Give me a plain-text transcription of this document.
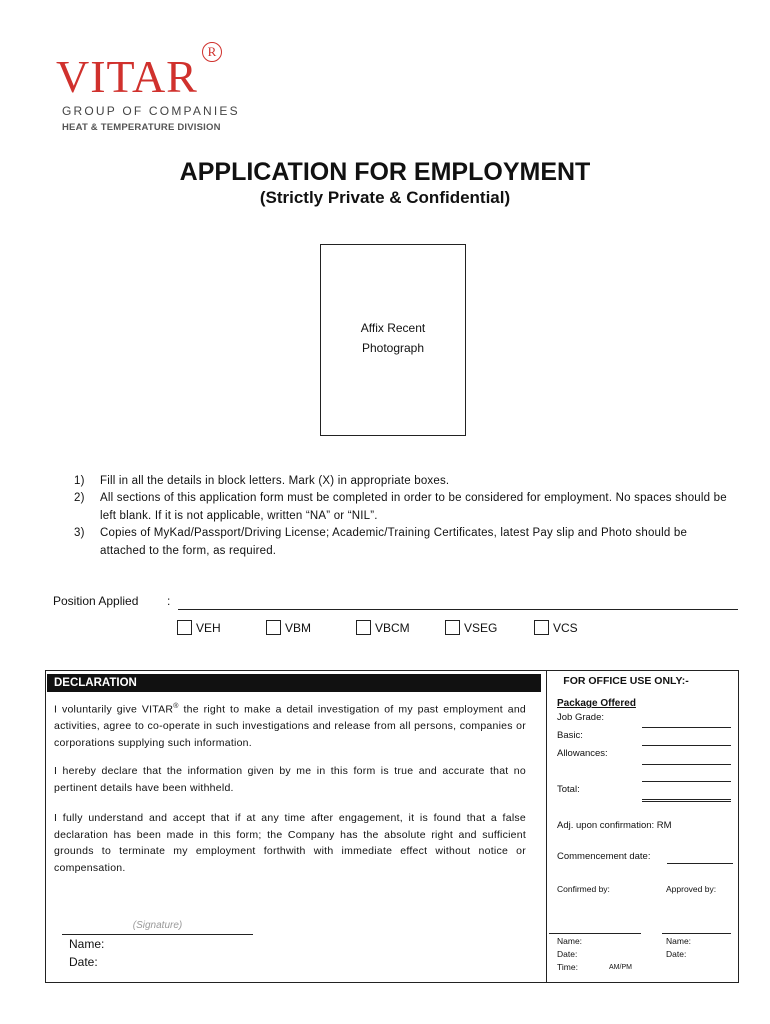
VITAR R
GROUP OF COMPANIES
HEAT & TEMPERATURE DIVISION
APPLICATION FOR EMPLOYMENT
(Strictly Private & Confidential)
Affix Recent
Photograph
1) Fill in all the details in block letters. Mark (X) in appropriate boxes.
2) All sections of this application form must be completed in order to be considered for employment. No spaces should be left blank. If it is not applicable, written “NA” or “NIL”.
3) Copies of MyKad/Passport/Driving License; Academic/Training Certificates, latest Pay slip and Photo should be attached to the form, as required.
Position Applied :
VEH	VBM	VBCM	VSEG	VCS
DECLARATION
I voluntarily give VITAR® the right to make a detail investigation of my past employment and activities, agree to co-operate in such investigations and release from all persons, companies or corporations supplying such information.
I hereby declare that the information given by me in this form is true and accurate that no pertinent details have been withheld.
I fully understand and accept that if at any time after engagement, it is found that a false declaration has been made in this form; the Company has the absolute right and sufficient grounds to terminate my employment forthwith with immediate effect without notice or compensation.
(Signature)
Name:
Date:
FOR OFFICE USE ONLY:-
Package Offered
Job Grade:
Basic:
Allowances:
Total:
Adj. upon confirmation: RM
Commencement date:
Confirmed by:	Approved by:
Name:
Date:
Time:	AM/PM
Name:
Date:
